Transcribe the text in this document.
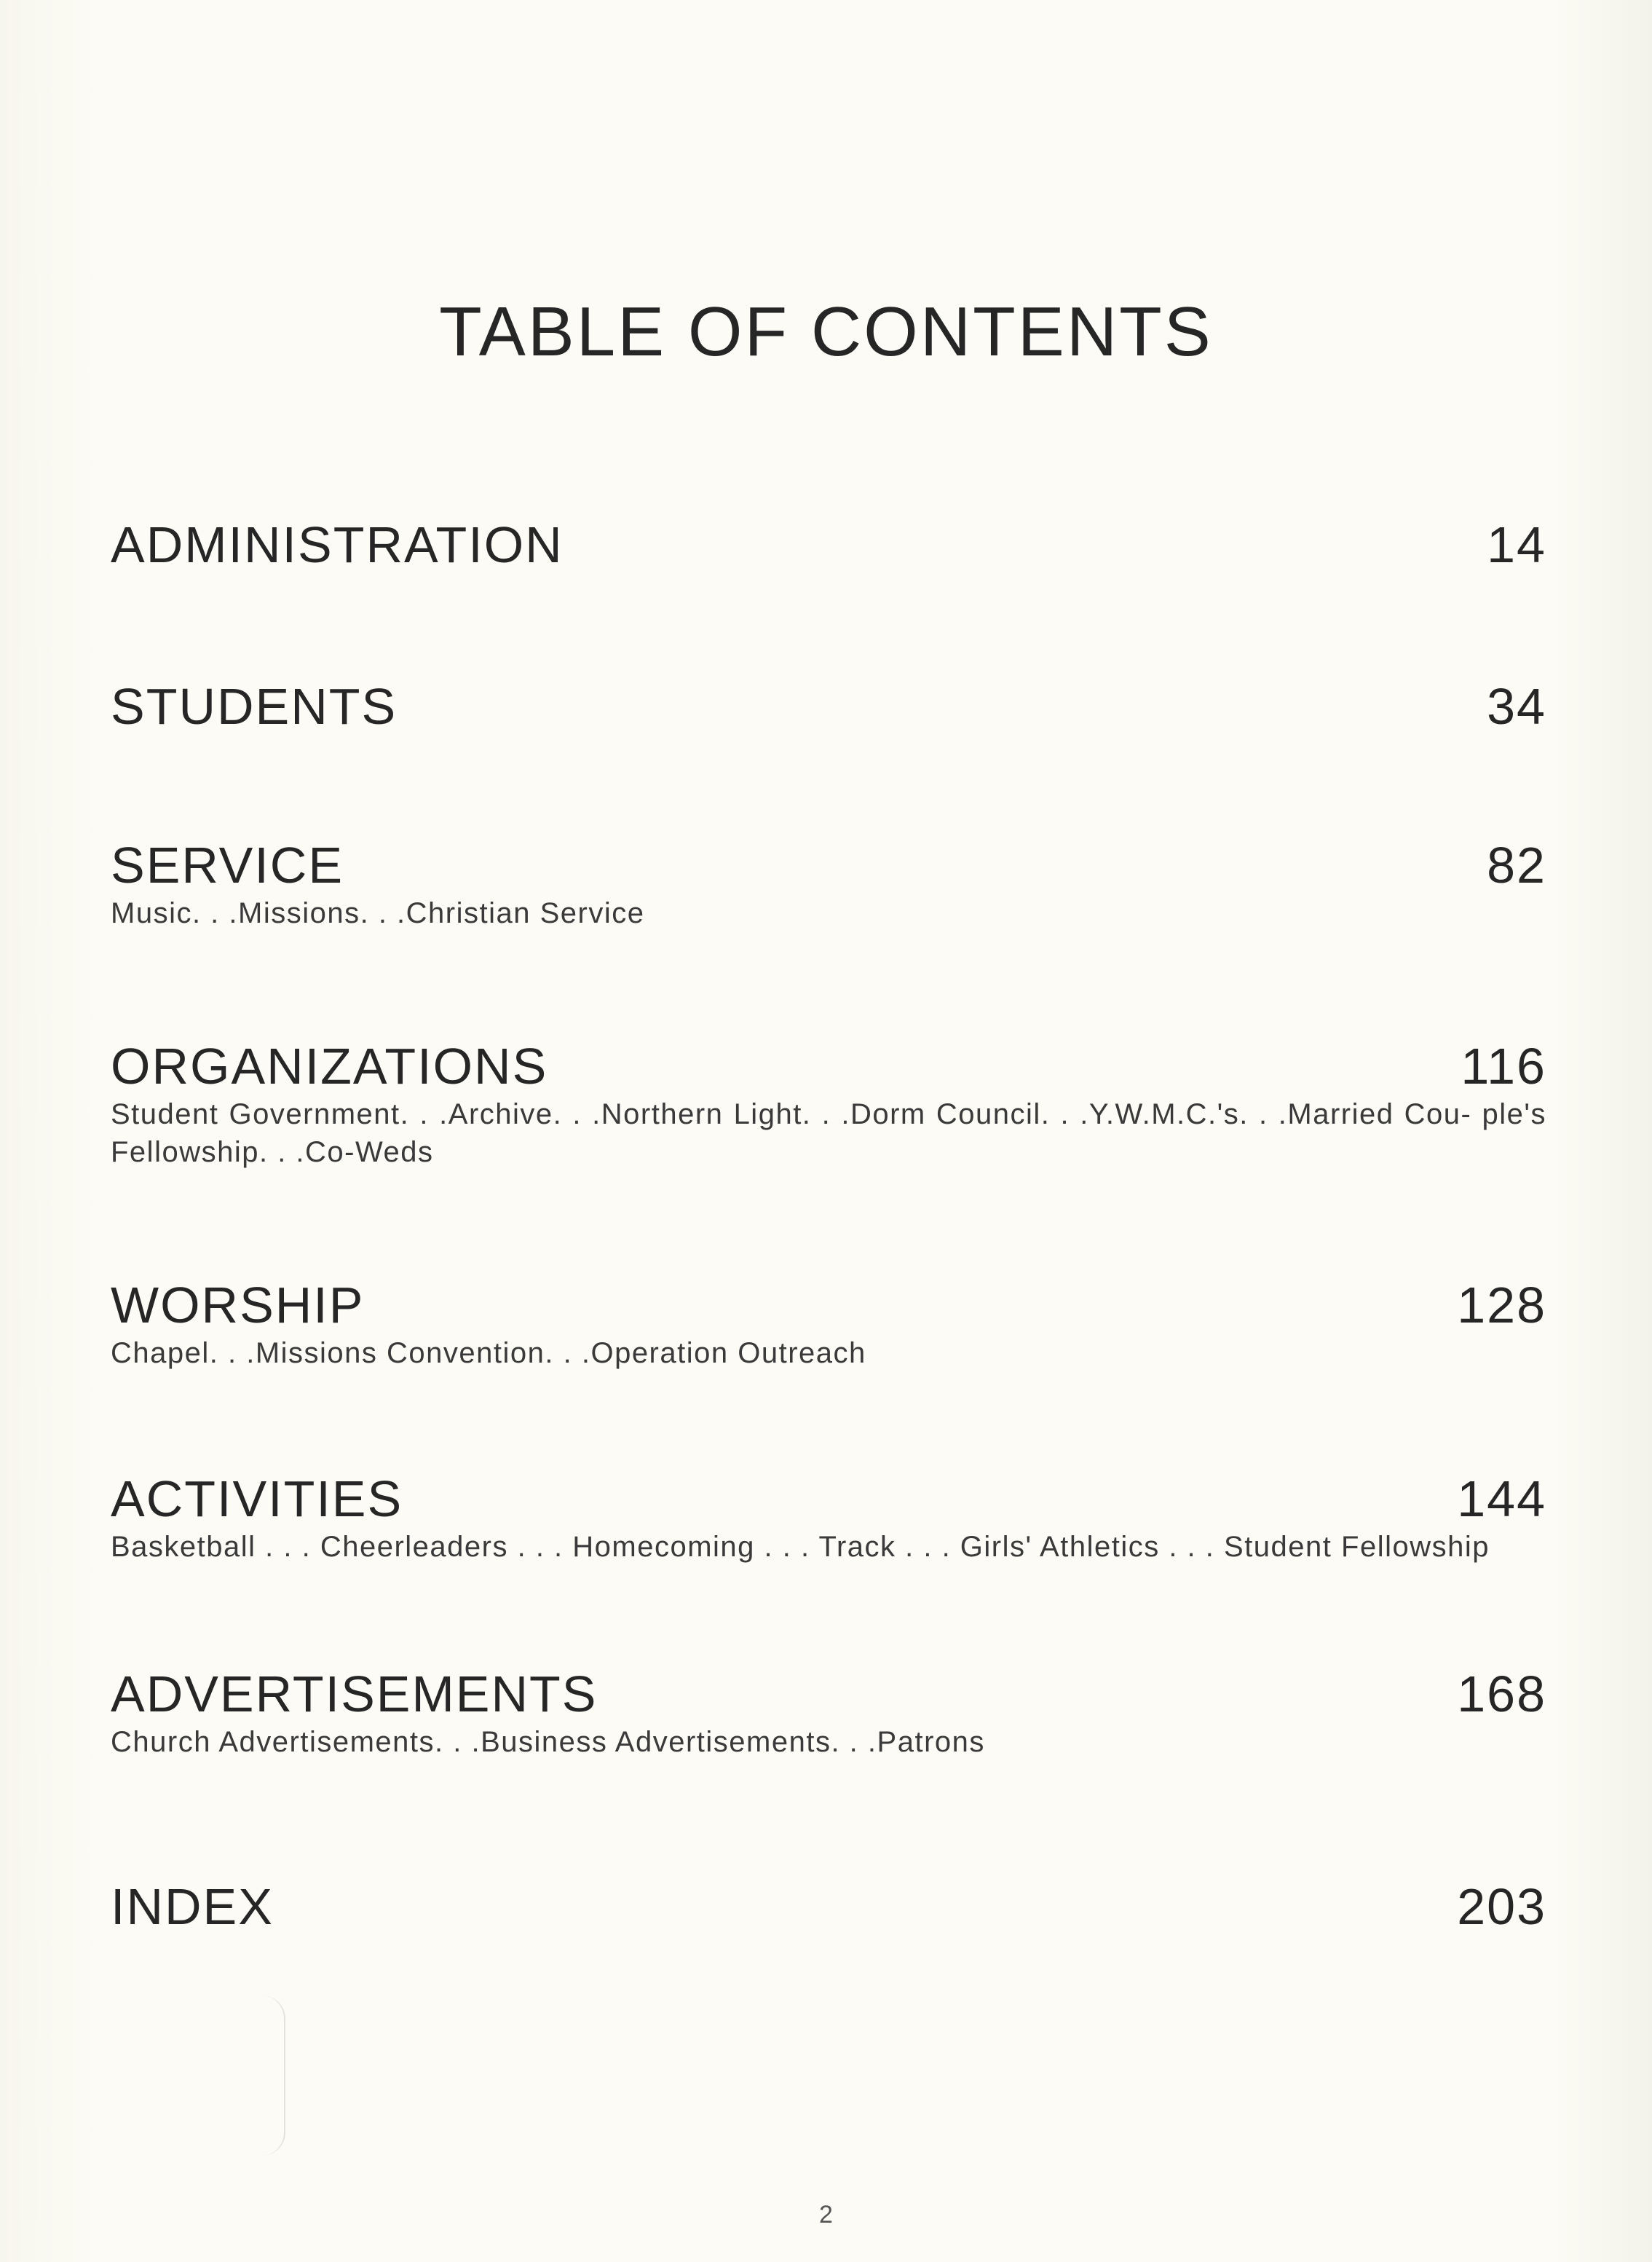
TABLE OF CONTENTS
ADMINISTRATION	14
STUDENTS	34
SERVICE	82
Music. . .Missions. . .Christian Service
ORGANIZATIONS	116
Student Government. . .Archive. . .Northern Light. . .Dorm Council. . .Y.W.M.C.'s. . .Married Cou- ple's Fellowship. . .Co-Weds
WORSHIP	128
Chapel. . .Missions Convention. . .Operation Outreach
ACTIVITIES	144
Basketball . . . Cheerleaders . . . Homecoming . . . Track . . . Girls' Athletics . . . Student Fellowship
ADVERTISEMENTS	168
Church Advertisements. . .Business Advertisements. . .Patrons
INDEX	203
2
